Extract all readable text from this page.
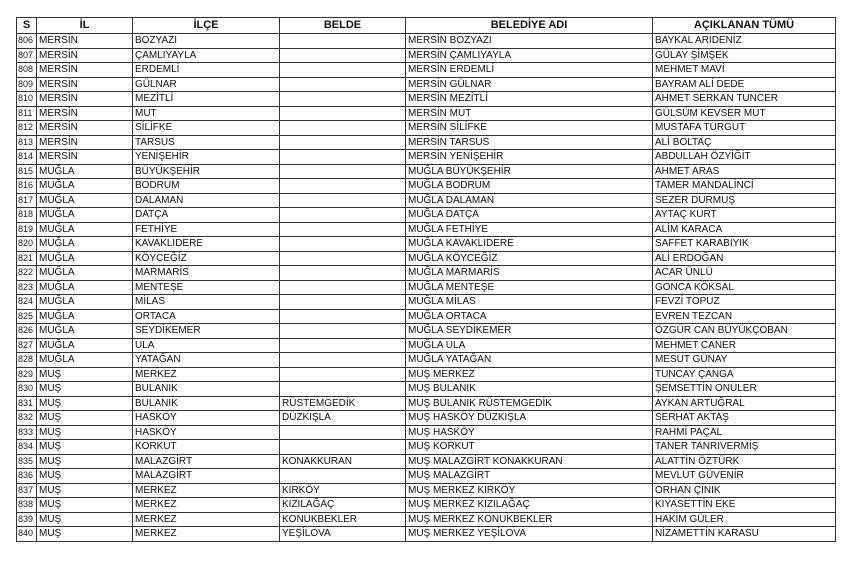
S	İL	İLÇE	BELDE	BELEDİYE ADI	AÇIKLANAN TÜMÜ
806	MERSİN	BOZYAZI		MERSİN BOZYAZI	BAYKAL ARIDENİZ
807	MERSİN	ÇAMLIYAYLA		MERSİN ÇAMLIYAYLA	GÜLAY ŞİMŞEK
808	MERSİN	ERDEMLİ		MERSİN ERDEMLİ	MEHMET MAVİ
809	MERSİN	GÜLNAR		MERSİN GÜLNAR	BAYRAM ALİ DEDE
810	MERSİN	MEZİTLİ		MERSİN MEZİTLİ	AHMET SERKAN TUNCER
811	MERSİN	MUT		MERSİN MUT	GÜLSÜM KEVSER MUT
812	MERSİN	SİLİFKE		MERSİN SİLİFKE	MUSTAFA TURGUT
813	MERSİN	TARSUS		MERSİN TARSUS	ALİ BOLTAÇ
814	MERSİN	YENİŞEHİR		MERSİN YENİŞEHİR	ABDULLAH ÖZYİĞİT
815	MUĞLA	BÜYÜKŞEHİR		MUĞLA BÜYÜKŞEHİR	AHMET ARAS
816	MUĞLA	BODRUM		MUĞLA BODRUM	TAMER MANDALİNCİ
817	MUĞLA	DALAMAN		MUĞLA DALAMAN	SEZER DURMUŞ
818	MUĞLA	DATÇA		MUĞLA DATÇA	AYTAÇ KURT
819	MUĞLA	FETHİYE		MUĞLA FETHİYE	ALİM KARACA
820	MUĞLA	KAVAKLIDERE		MUĞLA KAVAKLIDERE	SAFFET KARABIYIK
821	MUĞLA	KÖYCEĞİZ		MUĞLA KÖYCEĞİZ	ALİ ERDOĞAN
822	MUĞLA	MARMARİS		MUĞLA MARMARİS	ACAR ÜNLÜ
823	MUĞLA	MENTEŞE		MUĞLA MENTEŞE	GONCA KÖKSAL
824	MUĞLA	MİLAS		MUĞLA MİLAS	FEVZİ TOPUZ
825	MUĞLA	ORTACA		MUĞLA ORTACA	EVREN TEZCAN
826	MUĞLA	SEYDİKEMER		MUĞLA SEYDİKEMER	ÖZGÜR CAN BÜYÜKÇOBAN
827	MUĞLA	ULA		MUĞLA ULA	MEHMET CANER
828	MUĞLA	YATAĞAN		MUĞLA YATAĞAN	MESUT GÜNAY
829	MUŞ	MERKEZ		MUŞ MERKEZ	TUNCAY ÇANGA
830	MUŞ	BULANIK		MUŞ BULANIK	ŞEMSETTİN ONULER
831	MUŞ	BULANIK	RÜSTEMGEDİK	MUŞ BULANIK RÜSTEMGEDİK	AYKAN ARTUĞRAL
832	MUŞ	HASKÖY	DÜZKIŞLA	MUŞ HASKÖY DÜZKIŞLA	SERHAT AKTAŞ
833	MUŞ	HASKÖY		MUŞ HASKÖY	RAHMİ PAÇAL
834	MUŞ	KORKUT		MUŞ KORKUT	TANER TANRIVERMİŞ
835	MUŞ	MALAZGİRT	KONAKKURAN	MUŞ MALAZGİRT KONAKKURAN	ALATTİN ÖZTÜRK
836	MUŞ	MALAZGİRT		MUŞ MALAZGİRT	MEVLUT GÜVENİR
837	MUŞ	MERKEZ	KIRKÖY	MUŞ MERKEZ KIRKÖY	ORHAN ÇINIK
838	MUŞ	MERKEZ	KIZILAĞAÇ	MUŞ MERKEZ KIZILAĞAÇ	KIYASETTİN EKE
839	MUŞ	MERKEZ	KONUKBEKLER	MUŞ MERKEZ KONUKBEKLER	HAKİM GÜLER
840	MUŞ	MERKEZ	YEŞİLOVA	MUŞ MERKEZ YEŞİLOVA	NİZAMETTİN KARASU
